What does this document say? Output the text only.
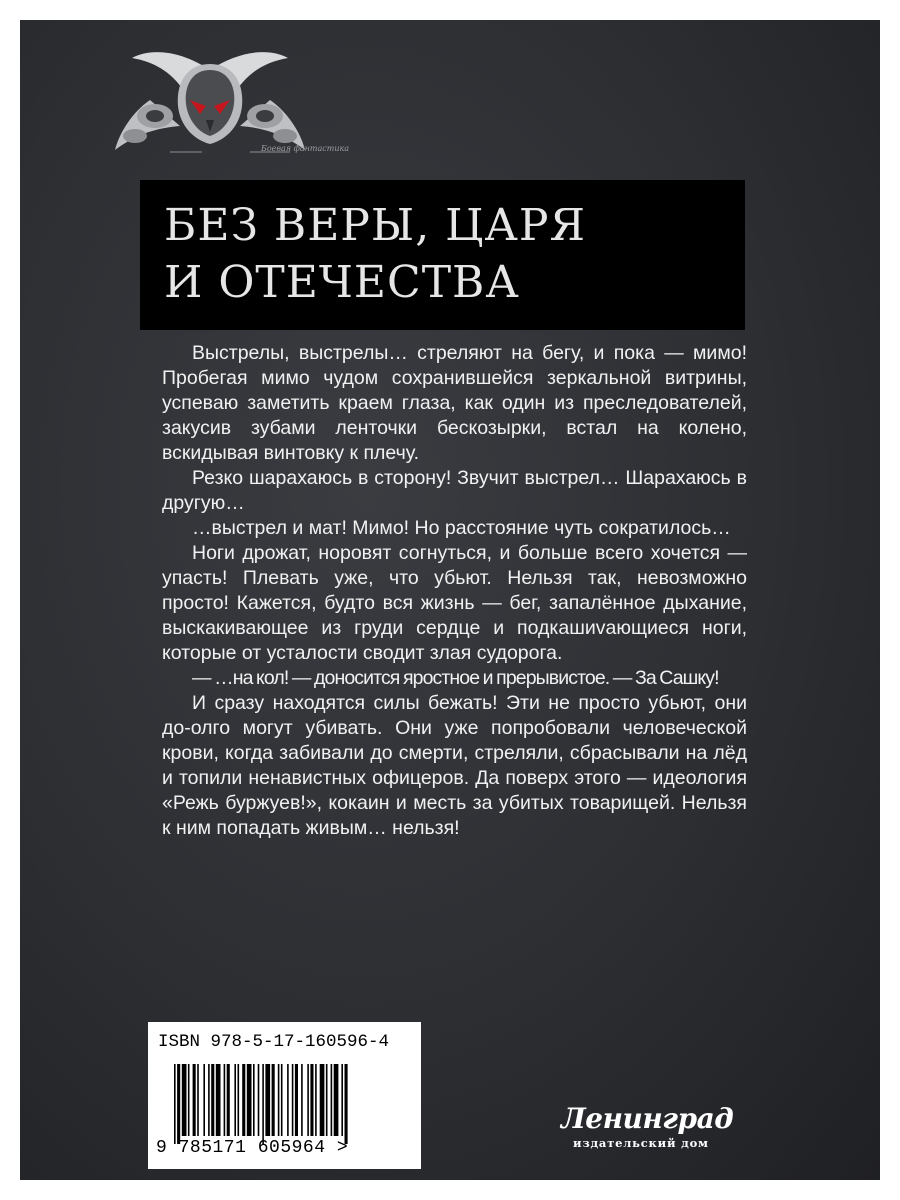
Боевая фантастика
БЕЗ ВЕРЫ, ЦАРЯ
И ОТЕЧЕСТВА

Выстрелы, выстрелы… стреляют на бегу, и пока — мимо! Пробегая мимо чудом сохранившейся зеркальной витрины, успеваю заметить краем глаза, как один из преследователей, закусив зубами ленточки бескозырки, встал на колено, вскидывая винтовку к плечу.

Резко шарахаюсь в сторону! Звучит выстрел… Шарахаюсь в другую…

…выстрел и мат! Мимо! Но расстояние чуть сократилось…

Ноги дрожат, норовят согнуться, и больше всего хочется — упасть! Плевать уже, что убьют. Нельзя так, невозможно просто! Кажется, будто вся жизнь — бег, запалённое дыхание, выскакивающее из груди сердце и подкашиvающиеся ноги, которые от усталости сводит злая судорога.

— …на кол! — доносится яростное и прерывистое. — За Сашку!

И сразу находятся силы бежать! Эти не просто убьют, они до-олго могут убивать. Они уже попробовали человеческой крови, когда забивали до смерти, стреляли, сбрасывали на лёд и топили ненавистных офицеров. Да поверх этого — идеология «Режь буржуев!», кокаин и месть за убитых товарищей. Нельзя к ним попадать живым… нельзя!

ISBN 978-5-17-160596-4
9 785171 605964 >
Ленинград
издательский дом
